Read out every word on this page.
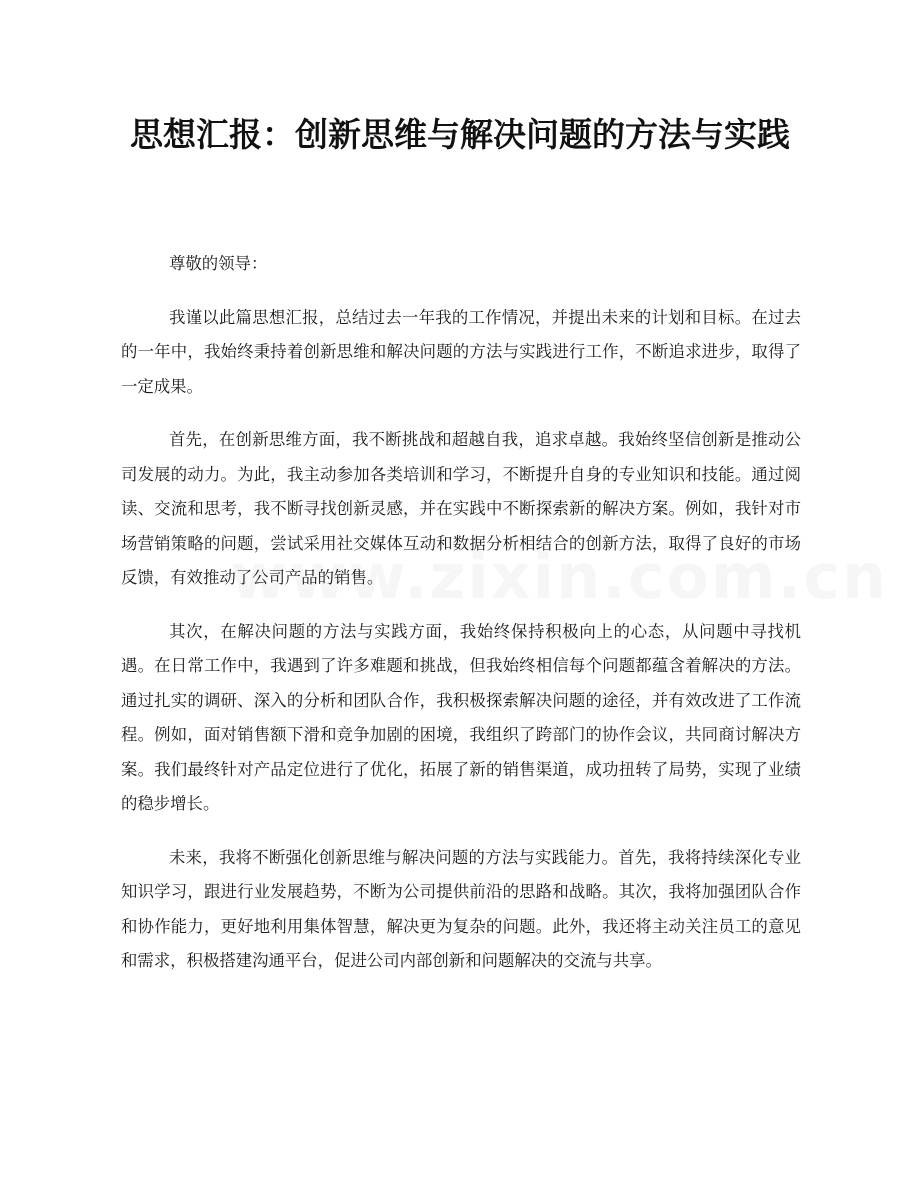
思想汇报：创新思维与解决问题的方法与实践

尊敬的领导：

我谨以此篇思想汇报，总结过去一年我的工作情况，并提出未来的计划和目标。在过去的一年中，我始终秉持着创新思维和解决问题的方法与实践进行工作，不断追求进步，取得了一定成果。

首先，在创新思维方面，我不断挑战和超越自我，追求卓越。我始终坚信创新是推动公司发展的动力。为此，我主动参加各类培训和学习，不断提升自身的专业知识和技能。通过阅读、交流和思考，我不断寻找创新灵感，并在实践中不断探索新的解决方案。例如，我针对市场营销策略的问题，尝试采用社交媒体互动和数据分析相结合的创新方法，取得了良好的市场反馈，有效推动了公司产品的销售。

其次，在解决问题的方法与实践方面，我始终保持积极向上的心态，从问题中寻找机遇。在日常工作中，我遇到了许多难题和挑战，但我始终相信每个问题都蕴含着解决的方法。通过扎实的调研、深入的分析和团队合作，我积极探索解决问题的途径，并有效改进了工作流程。例如，面对销售额下滑和竞争加剧的困境，我组织了跨部门的协作会议，共同商讨解决方案。我们最终针对产品定位进行了优化，拓展了新的销售渠道，成功扭转了局势，实现了业绩的稳步增长。

未来，我将不断强化创新思维与解决问题的方法与实践能力。首先，我将持续深化专业知识学习，跟进行业发展趋势，不断为公司提供前沿的思路和战略。其次，我将加强团队合作和协作能力，更好地利用集体智慧，解决更为复杂的问题。此外，我还将主动关注员工的意见和需求，积极搭建沟通平台，促进公司内部创新和问题解决的交流与共享。
